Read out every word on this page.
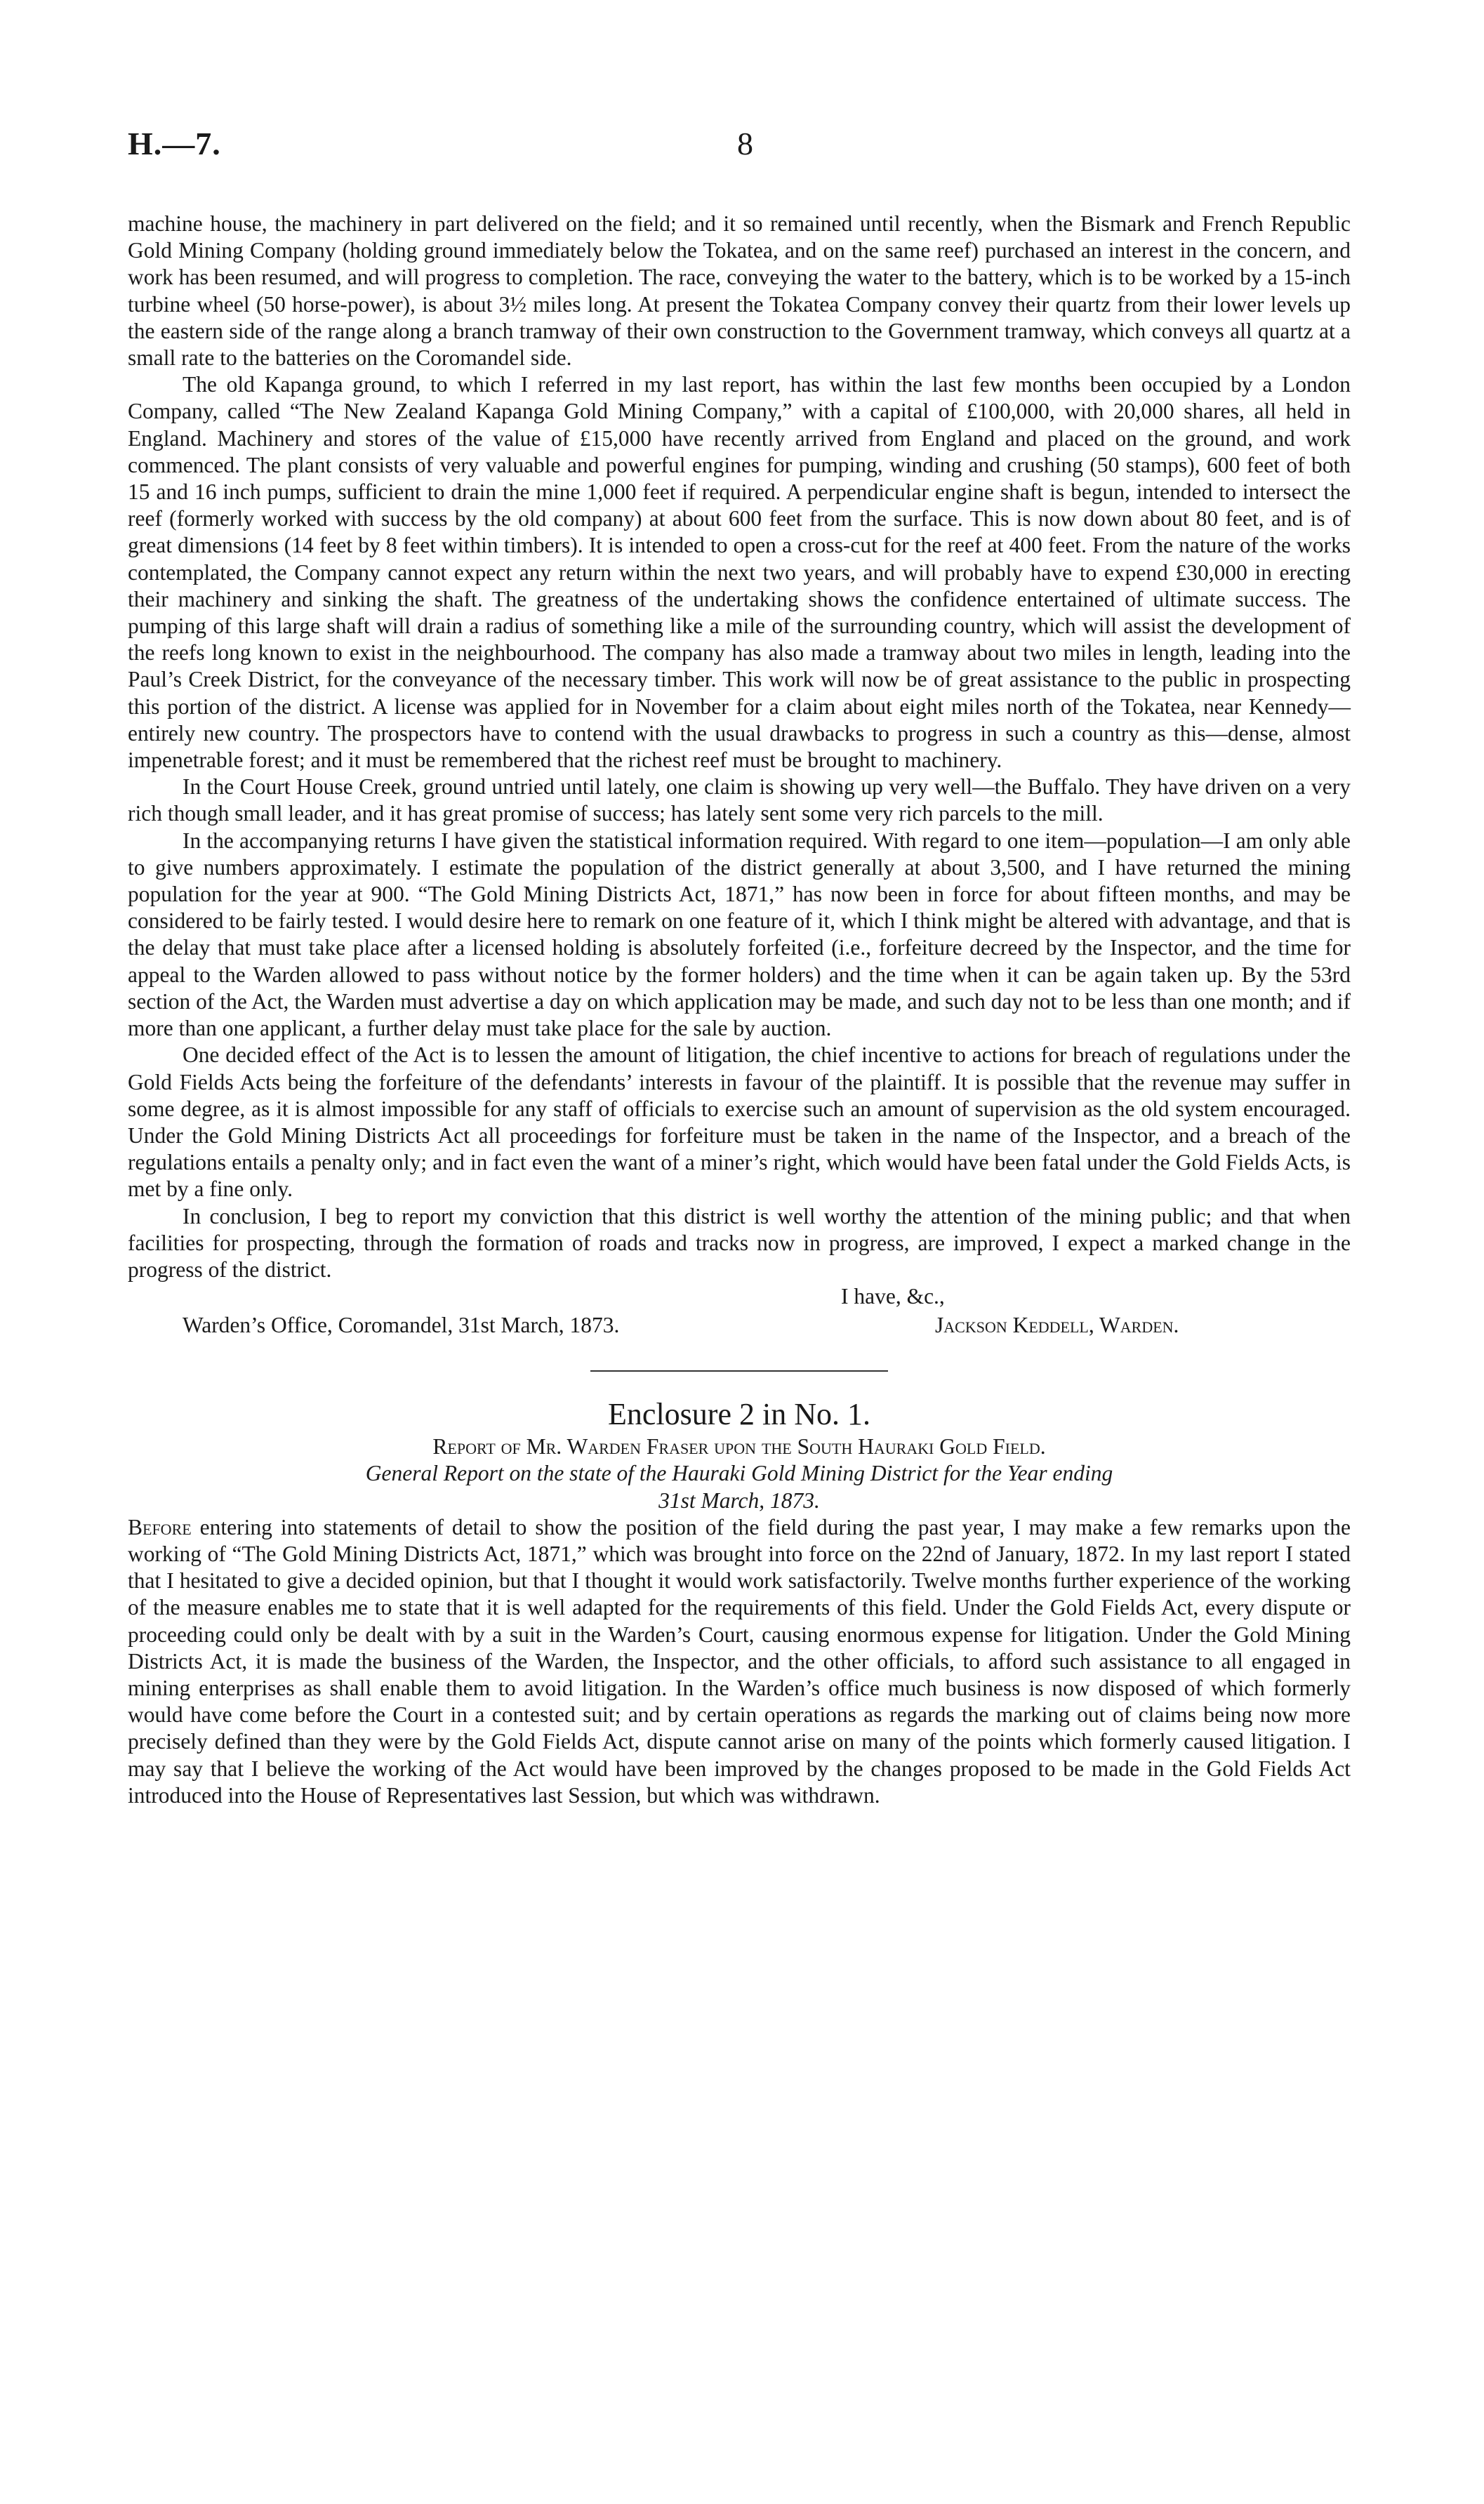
H.—7.	8

machine house, the machinery in part delivered on the field; and it so remained until recently, when the Bismark and French Republic Gold Mining Company (holding ground immediately below the Tokatea, and on the same reef) purchased an interest in the concern, and work has been resumed, and will progress to completion. The race, conveying the water to the battery, which is to be worked by a 15-inch turbine wheel (50 horse-power), is about 3½ miles long. At present the Tokatea Company convey their quartz from their lower levels up the eastern side of the range along a branch tramway of their own construction to the Government tramway, which conveys all quartz at a small rate to the batteries on the Coromandel side.

The old Kapanga ground, to which I referred in my last report, has within the last few months been occupied by a London Company, called “The New Zealand Kapanga Gold Mining Company,” with a capital of £100,000, with 20,000 shares, all held in England. Machinery and stores of the value of £15,000 have recently arrived from England and placed on the ground, and work commenced. The plant consists of very valuable and powerful engines for pumping, winding and crushing (50 stamps), 600 feet of both 15 and 16 inch pumps, sufficient to drain the mine 1,000 feet if required. A perpendicular engine shaft is begun, intended to intersect the reef (formerly worked with success by the old company) at about 600 feet from the surface. This is now down about 80 feet, and is of great dimensions (14 feet by 8 feet within timbers). It is intended to open a cross-cut for the reef at 400 feet. From the nature of the works contemplated, the Company cannot expect any return within the next two years, and will probably have to expend £30,000 in erecting their machinery and sinking the shaft. The greatness of the undertaking shows the confidence entertained of ultimate success. The pumping of this large shaft will drain a radius of something like a mile of the surrounding country, which will assist the development of the reefs long known to exist in the neighbourhood. The company has also made a tramway about two miles in length, leading into the Paul’s Creek District, for the conveyance of the necessary timber. This work will now be of great assistance to the public in prospecting this portion of the district. A license was applied for in November for a claim about eight miles north of the Tokatea, near Kennedy—entirely new country. The prospectors have to contend with the usual drawbacks to progress in such a country as this—dense, almost impenetrable forest; and it must be remembered that the richest reef must be brought to machinery.

In the Court House Creek, ground untried until lately, one claim is showing up very well—the Buffalo. They have driven on a very rich though small leader, and it has great promise of success; has lately sent some very rich parcels to the mill.

In the accompanying returns I have given the statistical information required. With regard to one item—population—I am only able to give numbers approximately. I estimate the population of the district generally at about 3,500, and I have returned the mining population for the year at 900. “The Gold Mining Districts Act, 1871,” has now been in force for about fifteen months, and may be considered to be fairly tested. I would desire here to remark on one feature of it, which I think might be altered with advantage, and that is the delay that must take place after a licensed holding is absolutely forfeited (i.e., forfeiture decreed by the Inspector, and the time for appeal to the Warden allowed to pass without notice by the former holders) and the time when it can be again taken up. By the 53rd section of the Act, the Warden must advertise a day on which application may be made, and such day not to be less than one month; and if more than one applicant, a further delay must take place for the sale by auction.

One decided effect of the Act is to lessen the amount of litigation, the chief incentive to actions for breach of regulations under the Gold Fields Acts being the forfeiture of the defendants’ interests in favour of the plaintiff. It is possible that the revenue may suffer in some degree, as it is almost impossible for any staff of officials to exercise such an amount of supervision as the old system encouraged. Under the Gold Mining Districts Act all proceedings for forfeiture must be taken in the name of the Inspector, and a breach of the regulations entails a penalty only; and in fact even the want of a miner’s right, which would have been fatal under the Gold Fields Acts, is met by a fine only.

In conclusion, I beg to report my conviction that this district is well worthy the attention of the mining public; and that when facilities for prospecting, through the formation of roads and tracks now in progress, are improved, I expect a marked change in the progress of the district.

I have, &c.,
Warden’s Office, Coromandel, 31st March, 1873.	Jackson Keddell, Warden.

Enclosure 2 in No. 1.

Report of Mr. Warden Fraser upon the South Hauraki Gold Field.

General Report on the state of the Hauraki Gold Mining District for the Year ending

31st March, 1873.

Before entering into statements of detail to show the position of the field during the past year, I may make a few remarks upon the working of “The Gold Mining Districts Act, 1871,” which was brought into force on the 22nd of January, 1872. In my last report I stated that I hesitated to give a decided opinion, but that I thought it would work satisfactorily. Twelve months further experience of the working of the measure enables me to state that it is well adapted for the requirements of this field. Under the Gold Fields Act, every dispute or proceeding could only be dealt with by a suit in the Warden’s Court, causing enormous expense for litigation. Under the Gold Mining Districts Act, it is made the business of the Warden, the Inspector, and the other officials, to afford such assistance to all engaged in mining enterprises as shall enable them to avoid litigation. In the Warden’s office much business is now disposed of which formerly would have come before the Court in a contested suit; and by certain operations as regards the marking out of claims being now more precisely defined than they were by the Gold Fields Act, dispute cannot arise on many of the points which formerly caused litigation. I may say that I believe the working of the Act would have been improved by the changes proposed to be made in the Gold Fields Act introduced into the House of Representatives last Session, but which was withdrawn.
